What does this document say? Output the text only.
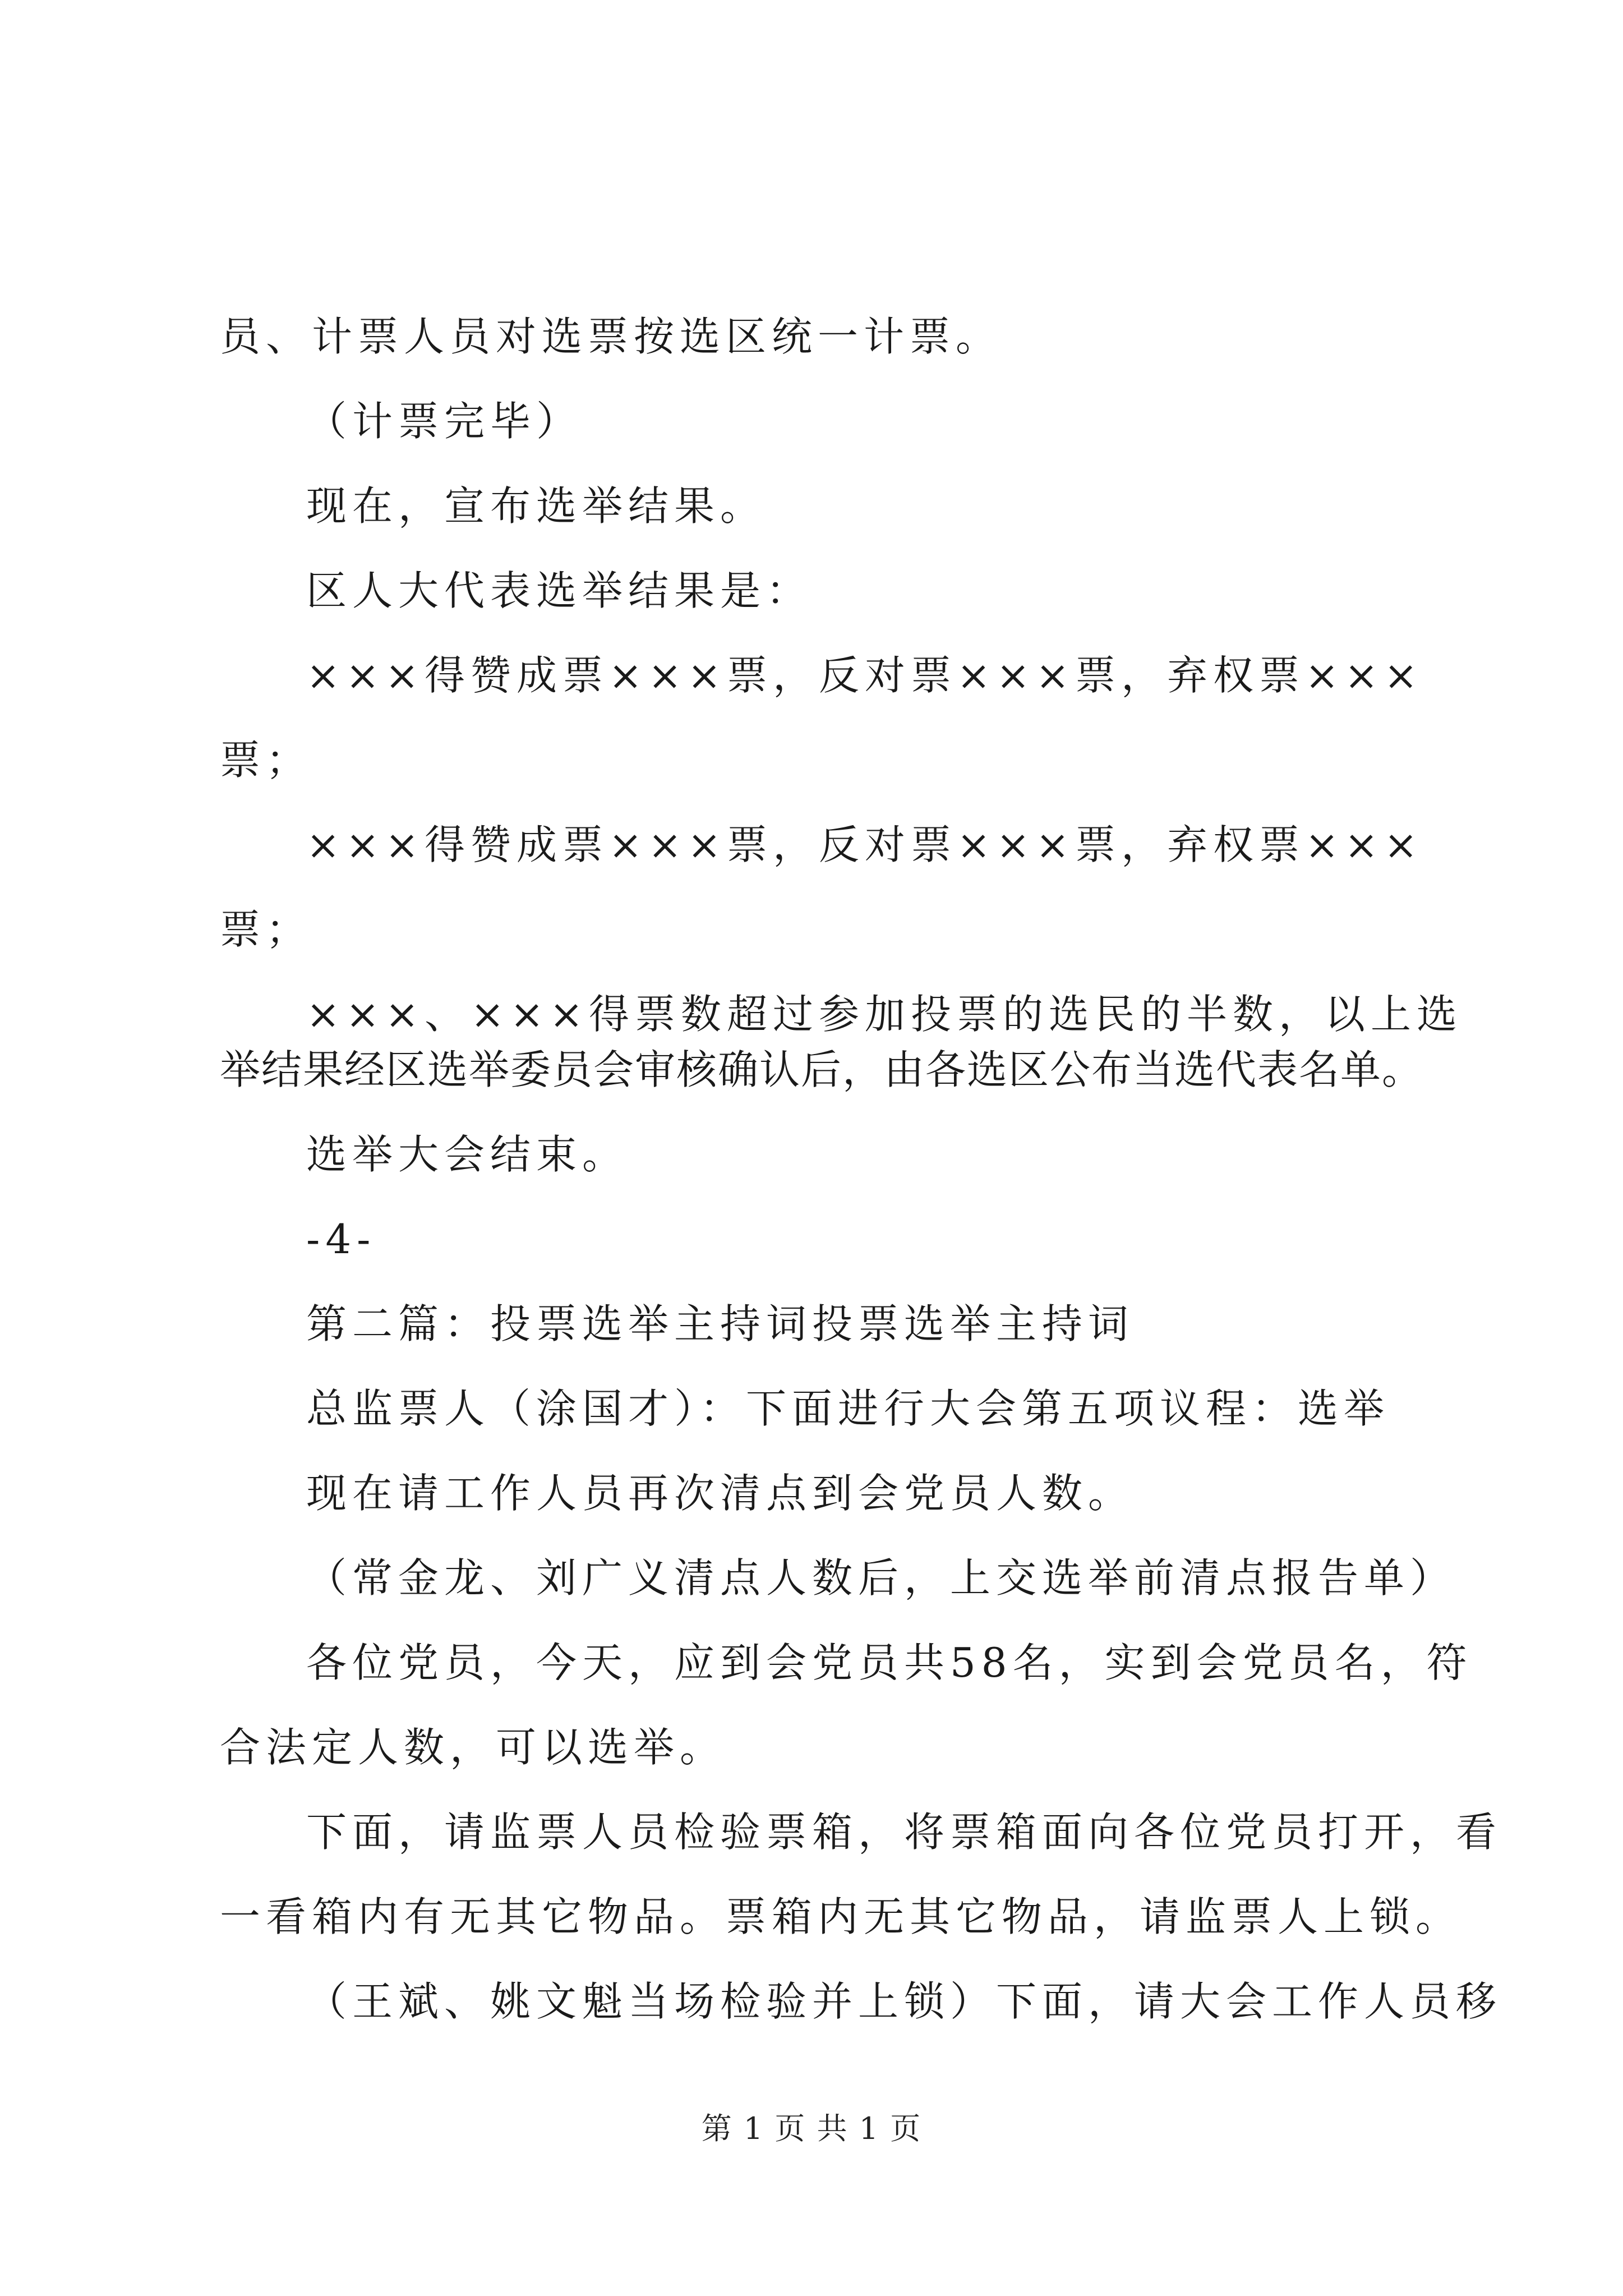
员、计票人员对选票按选区统一计票。
（计票完毕）
现在，宣布选举结果。
区人大代表选举结果是：
×××得赞成票×××票，反对票×××票，弃权票×××
票；
×××得赞成票×××票，反对票×××票，弃权票×××
票；
×××、×××得票数超过参加投票的选民的半数，以上选
举结果经区选举委员会审核确认后，由各选区公布当选代表名单。
选举大会结束。
-4-
第二篇：投票选举主持词投票选举主持词
总监票人（涂国才）：下面进行大会第五项议程：选举
现在请工作人员再次清点到会党员人数。
（常金龙、刘广义清点人数后，上交选举前清点报告单）
各位党员，今天，应到会党员共58名，实到会党员名，符
合法定人数，可以选举。
下面，请监票人员检验票箱，将票箱面向各位党员打开，看
一看箱内有无其它物品。票箱内无其它物品，请监票人上锁。
（王斌、姚文魁当场检验并上锁）下面，请大会工作人员移
第 1 页 共 1 页
